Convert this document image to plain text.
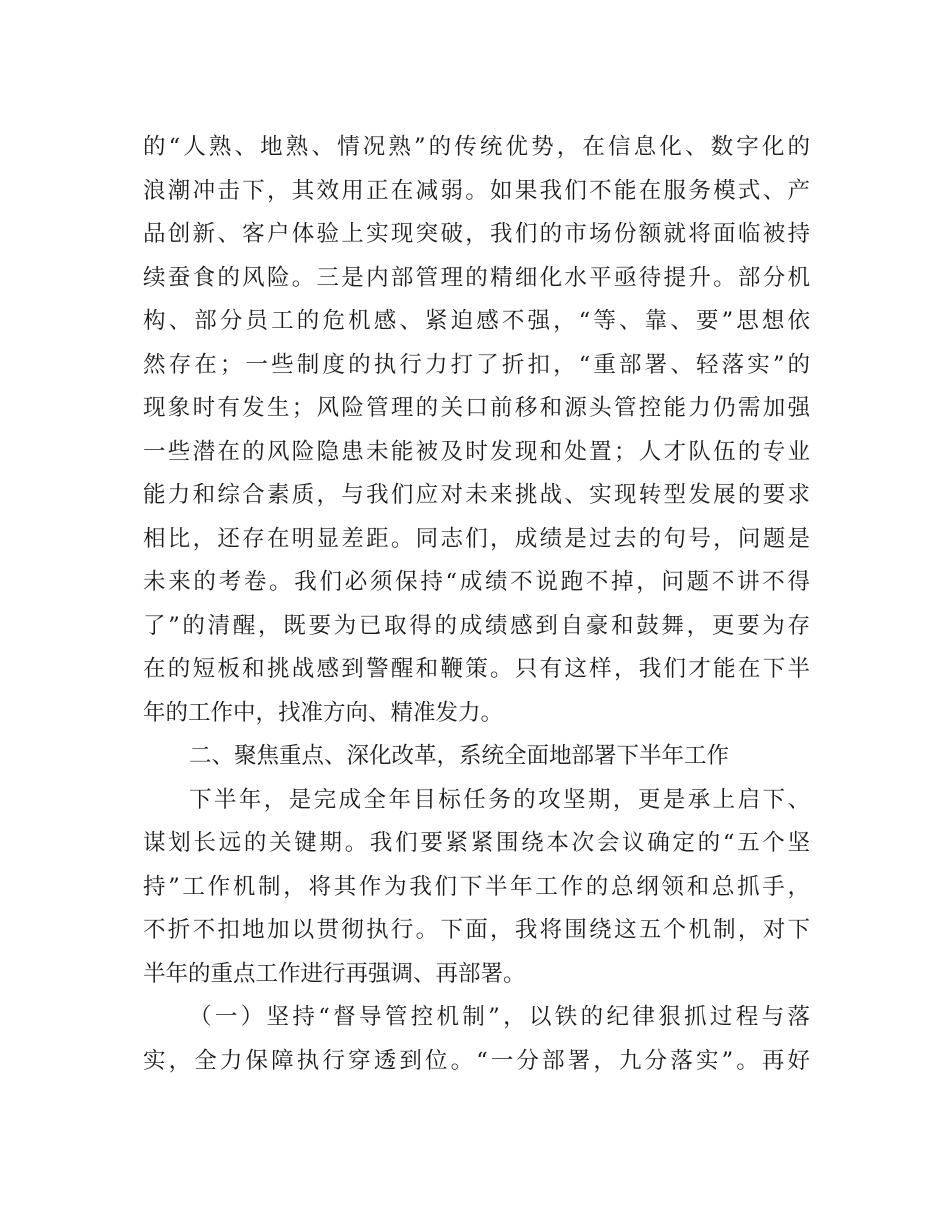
的“人熟、地熟、情况熟”的传统优势，在信息化、数字化的
浪潮冲击下，其效用正在减弱。如果我们不能在服务模式、产
品创新、客户体验上实现突破，我们的市场份额就将面临被持
续蚕食的风险。三是内部管理的精细化水平亟待提升。部分机
构、部分员工的危机感、紧迫感不强，“等、靠、要”思想依
然存在；一些制度的执行力打了折扣，“重部署、轻落实”的
现象时有发生；风险管理的关口前移和源头管控能力仍需加强
一些潜在的风险隐患未能被及时发现和处置；人才队伍的专业
能力和综合素质，与我们应对未来挑战、实现转型发展的要求
相比，还存在明显差距。同志们，成绩是过去的句号，问题是
未来的考卷。我们必须保持“成绩不说跑不掉，问题不讲不得
了”的清醒，既要为已取得的成绩感到自豪和鼓舞，更要为存
在的短板和挑战感到警醒和鞭策。只有这样，我们才能在下半
年的工作中，找准方向、精准发力。
二、聚焦重点、深化改革，系统全面地部署下半年工作
下半年，是完成全年目标任务的攻坚期，更是承上启下、
谋划长远的关键期。我们要紧紧围绕本次会议确定的“五个坚
持”工作机制，将其作为我们下半年工作的总纲领和总抓手，
不折不扣地加以贯彻执行。下面，我将围绕这五个机制，对下
半年的重点工作进行再强调、再部署。
（一）坚持“督导管控机制”，以铁的纪律狠抓过程与落
实，全力保障执行穿透到位。“一分部署，九分落实”。再好
